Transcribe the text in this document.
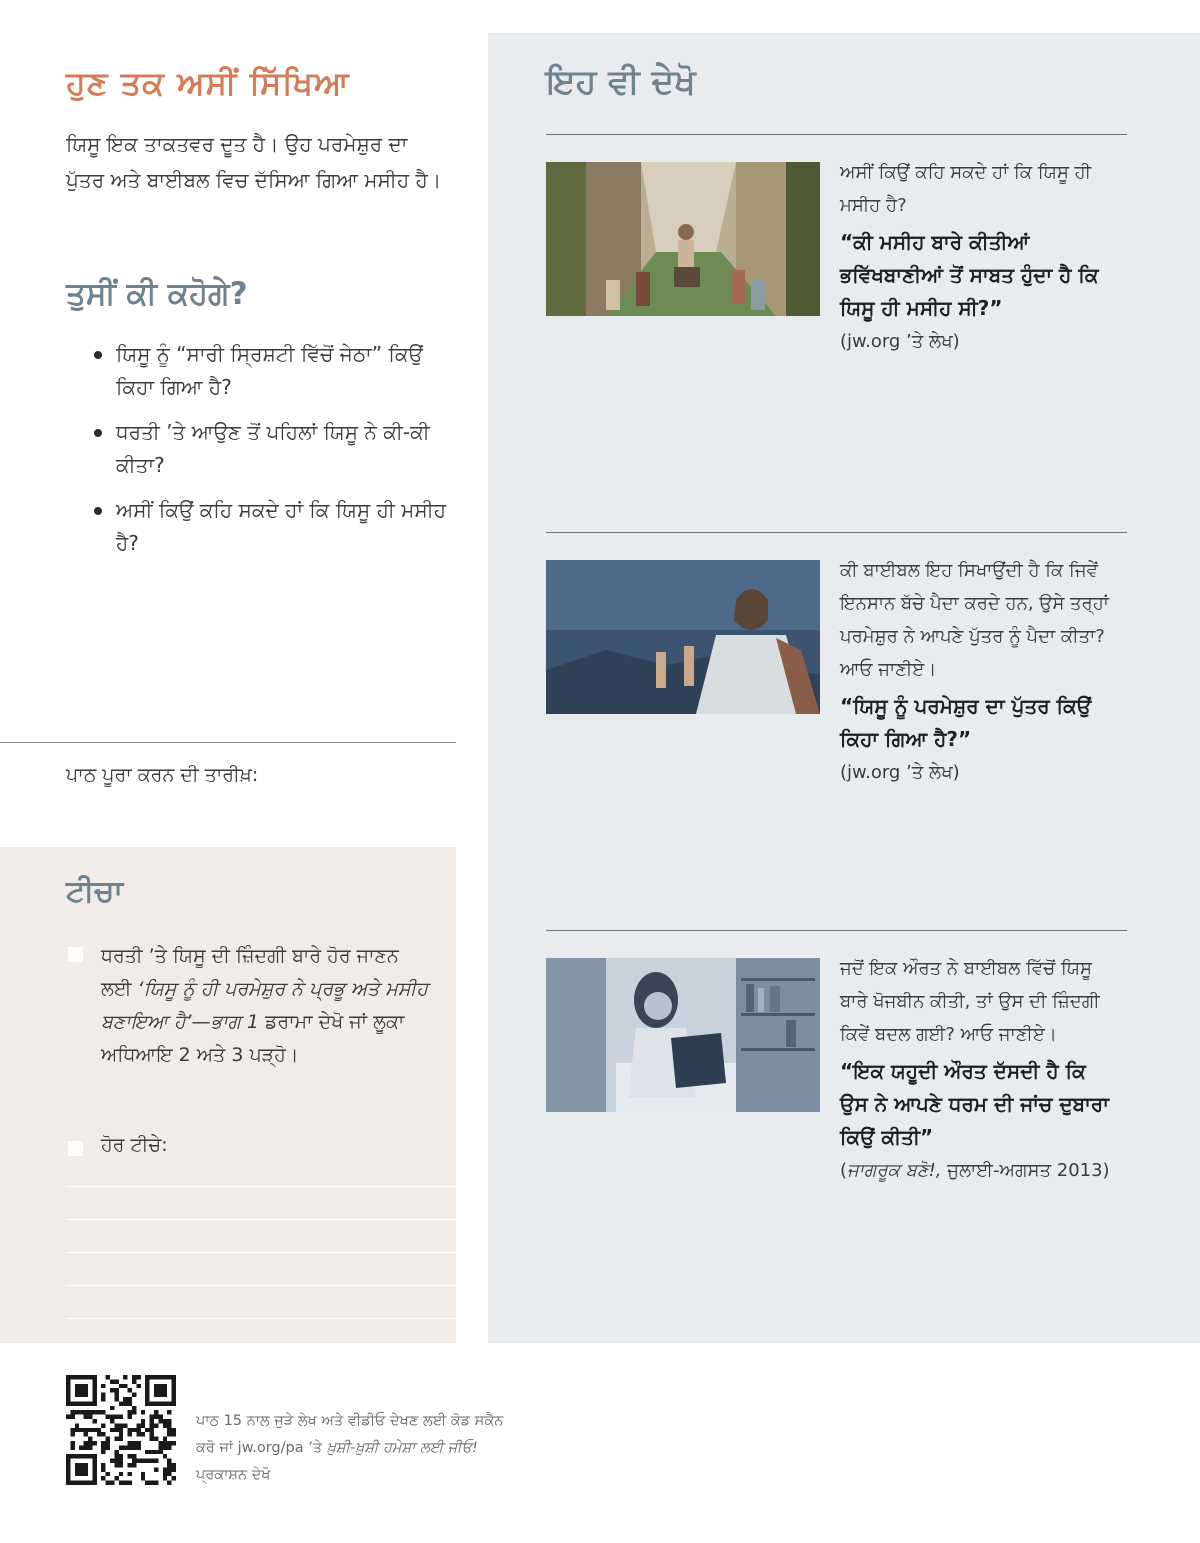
ਹੁਣ ਤਕ ਅਸੀਂ ਸਿੱਖਿਆ

ਯਿਸੂ ਇਕ ਤਾਕਤਵਰ ਦੂਤ ਹੈ। ਉਹ ਪਰਮੇਸ਼ੁਰ ਦਾ ਪੁੱਤਰ ਅਤੇ ਬਾਈਬਲ ਵਿਚ ਦੱਸਿਆ ਗਿਆ ਮਸੀਹ ਹੈ।

ਤੁਸੀਂ ਕੀ ਕਹੋਗੇ?
ਯਿਸੂ ਨੂੰ “ਸਾਰੀ ਸ੍ਰਿਸ਼ਟੀ ਵਿੱਚੋਂ ਜੇਠਾ” ਕਿਉਂ ਕਿਹਾ ਗਿਆ ਹੈ?
ਧਰਤੀ ’ਤੇ ਆਉਣ ਤੋਂ ਪਹਿਲਾਂ ਯਿਸੂ ਨੇ ਕੀ-ਕੀ ਕੀਤਾ?
ਅਸੀਂ ਕਿਉਂ ਕਹਿ ਸਕਦੇ ਹਾਂ ਕਿ ਯਿਸੂ ਹੀ ਮਸੀਹ ਹੈ?
ਪਾਠ ਪੂਰਾ ਕਰਨ ਦੀ ਤਾਰੀਖ਼:
ਟੀਚਾ

ਧਰਤੀ ’ਤੇ ਯਿਸੂ ਦੀ ਜ਼ਿੰਦਗੀ ਬਾਰੇ ਹੋਰ ਜਾਣਨ ਲਈ ‘ਯਿਸੂ ਨੂੰ ਹੀ ਪਰਮੇਸ਼ੁਰ ਨੇ ਪ੍ਰਭੂ ਅਤੇ ਮਸੀਹ ਬਣਾਇਆ ਹੈ’—ਭਾਗ 1 ਡਰਾਮਾ ਦੇਖੋ ਜਾਂ ਲੂਕਾ ਅਧਿਆਇ 2 ਅਤੇ 3 ਪੜ੍ਹੋ।

ਹੋਰ ਟੀਚੇ:
ਇਹ ਵੀ ਦੇਖੋ

ਅਸੀਂ ਕਿਉਂ ਕਹਿ ਸਕਦੇ ਹਾਂ ਕਿ ਯਿਸੂ ਹੀ ਮਸੀਹ ਹੈ?

“ਕੀ ਮਸੀਹ ਬਾਰੇ ਕੀਤੀਆਂ ਭਵਿੱਖਬਾਣੀਆਂ ਤੋਂ ਸਾਬਤ ਹੁੰਦਾ ਹੈ ਕਿ ਯਿਸੂ ਹੀ ਮਸੀਹ ਸੀ?”

(jw.org ’ਤੇ ਲੇਖ)

ਕੀ ਬਾਈਬਲ ਇਹ ਸਿਖਾਉਂਦੀ ਹੈ ਕਿ ਜਿਵੇਂ ਇਨਸਾਨ ਬੱਚੇ ਪੈਦਾ ਕਰਦੇ ਹਨ, ਉਸੇ ਤਰ੍ਹਾਂ ਪਰਮੇਸ਼ੁਰ ਨੇ ਆਪਣੇ ਪੁੱਤਰ ਨੂੰ ਪੈਦਾ ਕੀਤਾ? ਆਓ ਜਾਣੀਏ।

“ਯਿਸੂ ਨੂੰ ਪਰਮੇਸ਼ੁਰ ਦਾ ਪੁੱਤਰ ਕਿਉਂ ਕਿਹਾ ਗਿਆ ਹੈ?”

(jw.org ’ਤੇ ਲੇਖ)

ਜਦੋਂ ਇਕ ਔਰਤ ਨੇ ਬਾਈਬਲ ਵਿੱਚੋਂ ਯਿਸੂ ਬਾਰੇ ਖੋਜਬੀਨ ਕੀਤੀ, ਤਾਂ ਉਸ ਦੀ ਜ਼ਿੰਦਗੀ ਕਿਵੇਂ ਬਦਲ ਗਈ? ਆਓ ਜਾਣੀਏ।

“ਇਕ ਯਹੂਦੀ ਔਰਤ ਦੱਸਦੀ ਹੈ ਕਿ ਉਸ ਨੇ ਆਪਣੇ ਧਰਮ ਦੀ ਜਾਂਚ ਦੁਬਾਰਾ ਕਿਉਂ ਕੀਤੀ”

(ਜਾਗਰੂਕ ਬਣੋ!, ਜੁਲਾਈ-ਅਗਸਤ 2013)

ਪਾਠ 15 ਨਾਲ ਜੁੜੇ ਲੇਖ ਅਤੇ ਵੀਡੀਓ ਦੇਖਣ ਲਈ ਕੋਡ ਸਕੈਨ ਕਰੋ ਜਾਂ jw.org/pa ’ਤੇ ਖ਼ੁਸ਼ੀ-ਖ਼ੁਸ਼ੀ ਹਮੇਸ਼ਾ ਲਈ ਜੀਓ! ਪ੍ਰਕਾਸ਼ਨ ਦੇਖੋ
